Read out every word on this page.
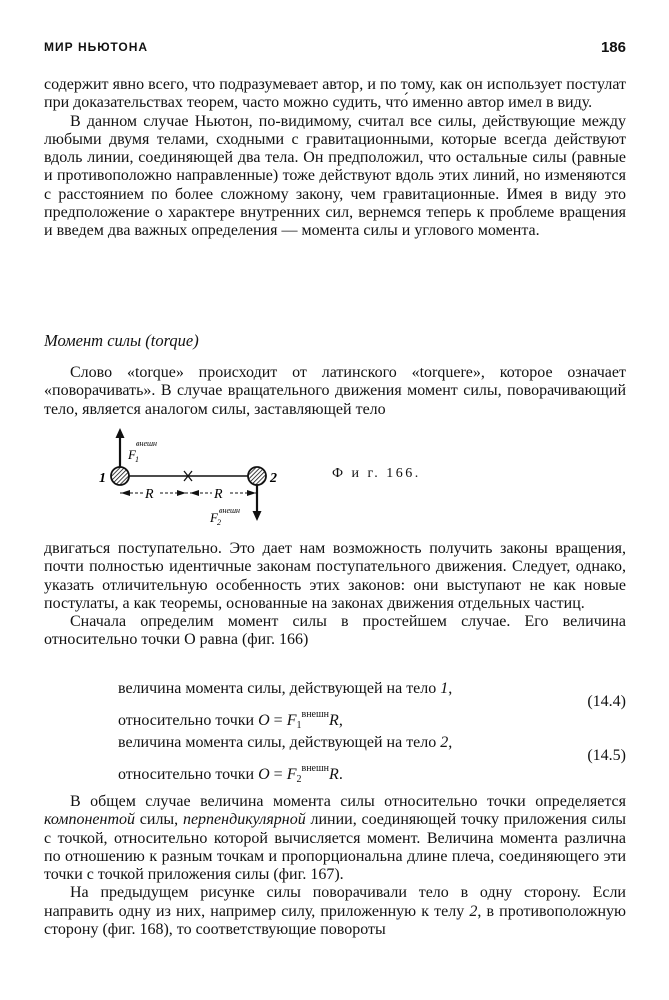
МИР НЬЮТОНА	186

содержит явно всего, что подразумевает автор, и по тому, как он использует постулат при доказательствах теорем, часто можно судить, что́ именно автор имел в виду.

В данном случае Ньютон, по-видимому, считал все силы, действующие между любыми двумя телами, сходными с гравитационными, которые всегда действуют вдоль линии, соединяющей два тела. Он предположил, что остальные силы (равные и противоположно направленные) тоже действуют вдоль этих линий, но изменяются с расстоянием по более сложному закону, чем гравитационные. Имея в виду это предположение о характере внутренних сил, вернемся теперь к проблеме вращения и введем два важных определения — момента силы и углового момента.

Момент силы (torque)

Слово «torque» происходит от латинского «torquere», которое означает «поворачивать». В случае вращательного движения момент силы, поворачивающий тело, является аналогом силы, заставляющей тело

1	2
R	R
F 1
внешн
F 2
внешн
Ф и г. 166.

двигаться поступательно. Это дает нам возможность получить законы вращения, почти полностью идентичные законам поступательного движения. Следует, однако, указать отличительную особенность этих законов: они выступают не как новые постулаты, а как теоремы, основанные на законах движения отдельных частиц.

Сначала определим момент силы в простейшем случае. Его величина относительно точки O равна (фиг. 166)

величина момента силы, действующей на тело 1,
относительно точки $O = F_1^{внешн}R$,
(14.4)
величина момента силы, действующей на тело 2,
относительно точки $O = F_2^{внешн}R$.
(14.5)

В общем случае величина момента силы относительно точки определяется компонентой силы, перпендикулярной линии, соединяющей точку приложения силы с точкой, относительно которой вычисляется момент. Величина момента различна по отношению к разным точкам и пропорциональна длине плеча, соединяющего эти точки с точкой приложения силы (фиг. 167).

На предыдущем рисунке силы поворачивали тело в одну сторону. Если направить одну из них, например силу, приложенную к телу 2, в противоположную сторону (фиг. 168), то соответствующие повороты
